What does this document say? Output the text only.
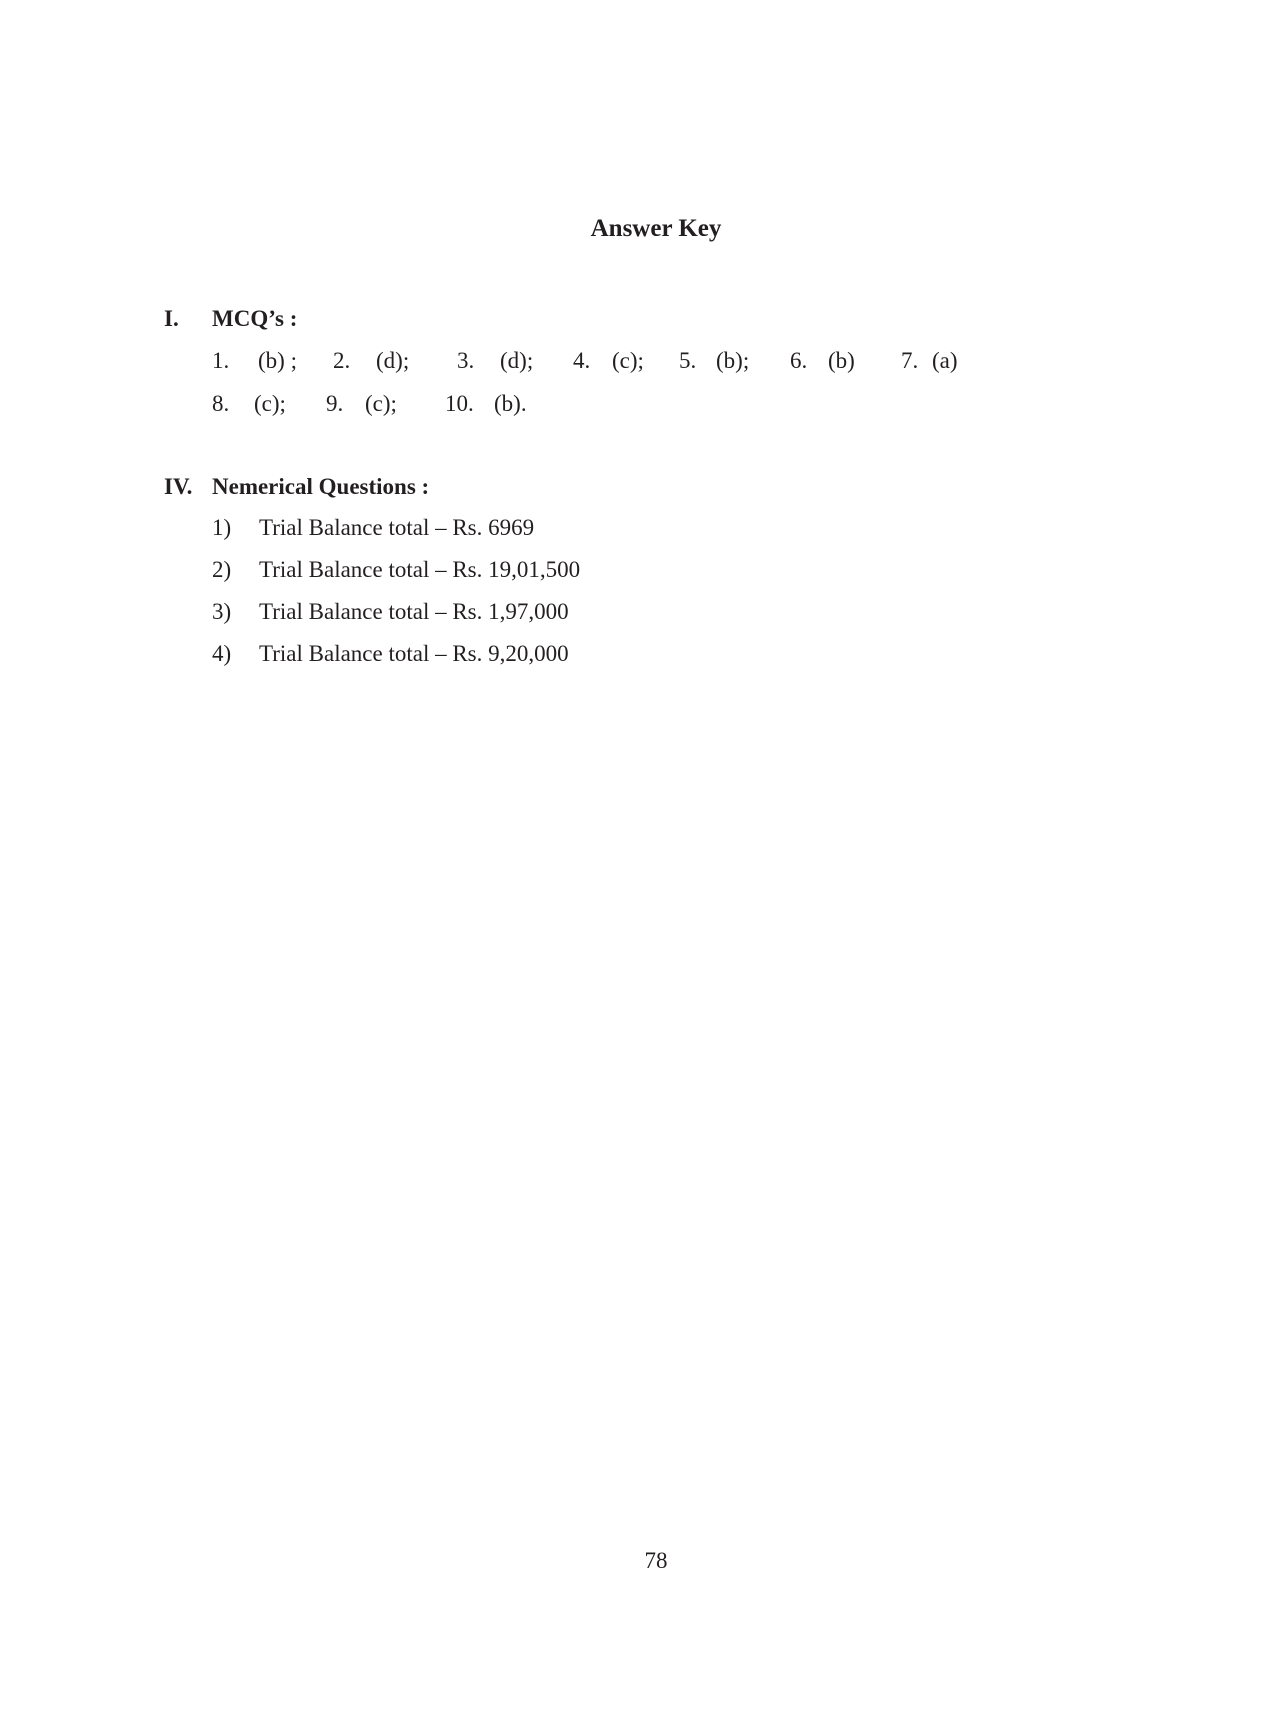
Answer Key
I. MCQ’s :
1. (b) ; 2. (d); 3. (d); 4. (c); 5. (b); 6. (b) 7. (a)
8. (c); 9. (c); 10. (b).
IV. Nemerical Questions :
1) Trial Balance total – Rs. 6969
2) Trial Balance total – Rs. 19,01,500
3) Trial Balance total – Rs. 1,97,000
4) Trial Balance total – Rs. 9,20,000
78
